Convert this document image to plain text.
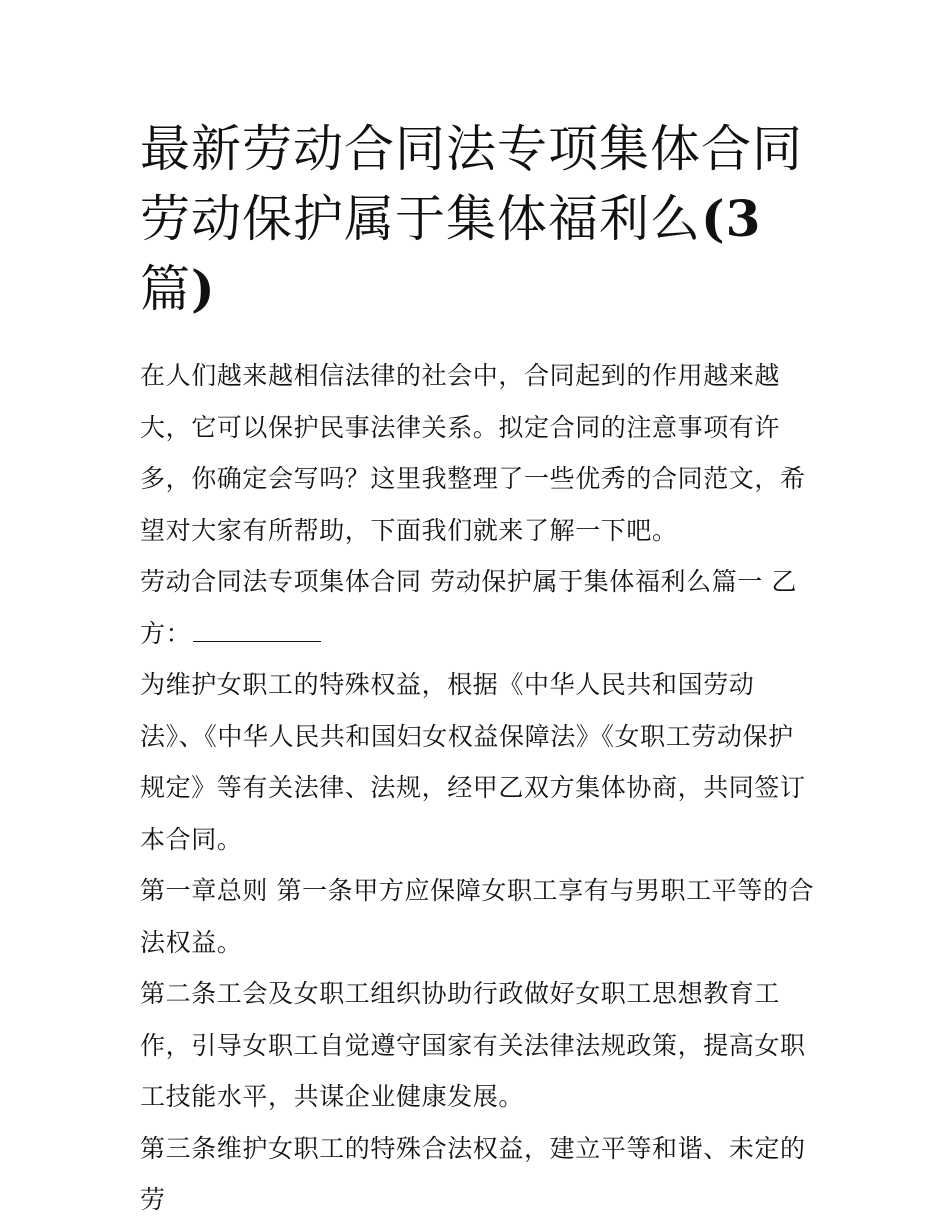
最新劳动合同法专项集体合同劳动保护属于集体福利么(3篇)

在人们越来越相信法律的社会中，合同起到的作用越来越大，它可以保护民事法律关系。拟定合同的注意事项有许多，你确定会写吗？这里我整理了一些优秀的合同范文，希望对大家有所帮助，下面我们就来了解一下吧。

劳动合同法专项集体合同 劳动保护属于集体福利么篇一 乙方：

为维护女职工的特殊权益，根据《中华人民共和国劳动法》、《中华人民共和国妇女权益保障法》《女职工劳动保护规定》等有关法律、法规，经甲乙双方集体协商，共同签订本合同。

第一章总则 第一条甲方应保障女职工享有与男职工平等的合法权益。

第二条工会及女职工组织协助行政做好女职工思想教育工作，引导女职工自觉遵守国家有关法律法规政策，提高女职工技能水平，共谋企业健康发展。

第三条维护女职工的特殊合法权益，建立平等和谐、未定的劳
